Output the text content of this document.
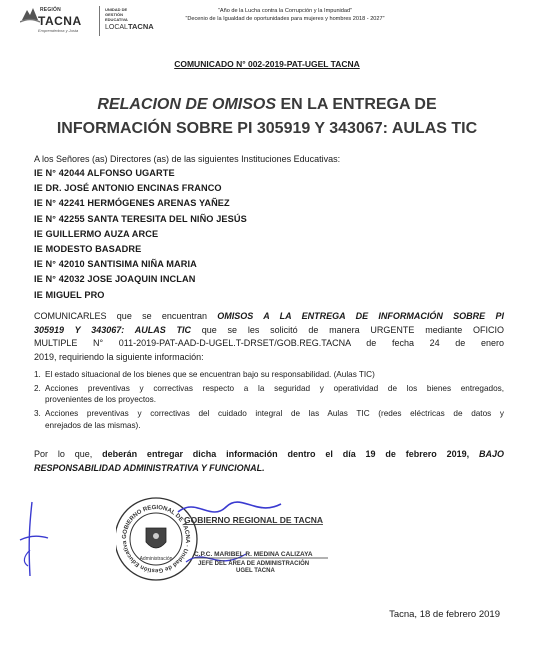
REGIÓN
TACNA
Emprendedora y Justa
UNIDAD DE GESTIÓN EDUCATIVA
LOCALTACNA
“Año de la Lucha contra la Corrupción y la Impunidad”
“Decenio de la Igualdad de oportunidades para mujeres y hombres 2018 - 2027”
COMUNICADO N° 002-2019-PAT-UGEL TACNA
RELACION DE OMISOS EN LA ENTREGA DE
INFORMACIÓN SOBRE PI 305919 Y 343067: AULAS TIC
A los Señores (as) Directores (as) de las siguientes Instituciones Educativas:
IE N° 42044 ALFONSO UGARTE
IE DR. JOSÉ ANTONIO ENCINAS FRANCO
IE N° 42241 HERMÓGENES ARENAS YAÑEZ
IE N° 42255 SANTA TERESITA DEL NIÑO JESÚS
IE GUILLERMO AUZA ARCE
IE MODESTO BASADRE
IE N° 42010 SANTISIMA NIÑA MARIA
IE N° 42032 JOSE JOAQUIN INCLAN
IE MIGUEL PRO
COMUNICARLES que se encuentran OMISOS A LA ENTREGA DE INFORMACIÓN SOBRE PI
305919 Y 343067: AULAS TIC que se les solicitó de manera URGENTE mediante OFICIO
MULTIPLE N° 011-2019-PAT-AAD-D-UGEL.T-DRSET/GOB.REG.TACNA de fecha 24 de enero
2019, requiriendo la siguiente información:
1. El estado situacional de los bienes que se encuentran bajo su responsabilidad. (Aulas TIC)
2. Acciones preventivas y correctivas respecto a la seguridad y operatividad de los bienes entregados,
provenientes de los proyectos.
3. Acciones preventivas y correctivas del cuidado integral de las Aulas TIC (redes eléctricas de datos y
enrejados de las mismas).
Por lo que, deberán entregar dicha información dentro el día 19 de febrero 2019, BAJO
RESPONSABILIDAD ADMINISTRATIVA Y FUNCIONAL.
GOBIERNO REGIONAL DE TACNA · Unidad de Gestión Educativa
Administración
GOBIERNO REGIONAL DE TACNA
C.P.C. MARIBEL R. MEDINA CALIZAYA
JEFE DEL ÁREA DE ADMINISTRACIÓN
UGEL TACNA
Tacna, 18 de febrero 2019
